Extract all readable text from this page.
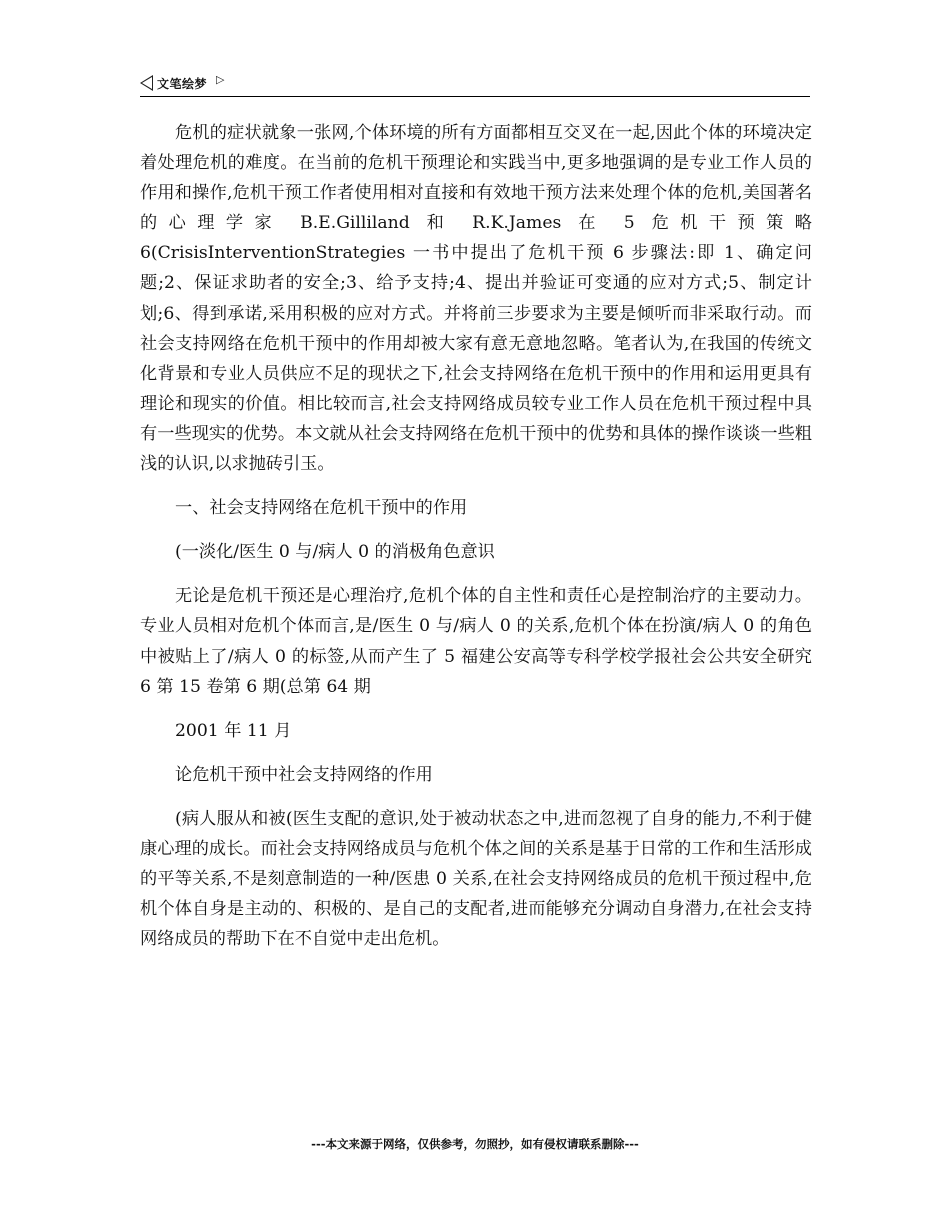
文笔绘梦 ▷

危机的症状就象一张网,个体环境的所有方面都相互交叉在一起,因此个体的环境决定着处理危机的难度。在当前的危机干预理论和实践当中,更多地强调的是专业工作人员的作用和操作,危机干预工作者使用相对直接和有效地干预方法来处理个体的危机,美国著名的心理学家 B.E.Gilliland 和 R.K.James 在 5 危机干预策略 6(CrisisInterventionStrategies 一书中提出了危机干预 6 步骤法:即 1、确定问题;2、保证求助者的安全;3、给予支持;4、提出并验证可变通的应对方式;5、制定计划;6、得到承诺,采用积极的应对方式。并将前三步要求为主要是倾听而非采取行动。而社会支持网络在危机干预中的作用却被大家有意无意地忽略。笔者认为,在我国的传统文化背景和专业人员供应不足的现状之下,社会支持网络在危机干预中的作用和运用更具有理论和现实的价值。相比较而言,社会支持网络成员较专业工作人员在危机干预过程中具有一些现实的优势。本文就从社会支持网络在危机干预中的优势和具体的操作谈谈一些粗浅的认识,以求抛砖引玉。

一、社会支持网络在危机干预中的作用

(一淡化/医生 0 与/病人 0 的消极角色意识

无论是危机干预还是心理治疗,危机个体的自主性和责任心是控制治疗的主要动力。专业人员相对危机个体而言,是/医生 0 与/病人 0 的关系,危机个体在扮演/病人 0 的角色中被贴上了/病人 0 的标签,从而产生了 5 福建公安高等专科学校学报社会公共安全研究 6 第 15 卷第 6 期(总第 64 期

2001 年 11 月

论危机干预中社会支持网络的作用

(病人服从和被(医生支配的意识,处于被动状态之中,进而忽视了自身的能力,不利于健康心理的成长。而社会支持网络成员与危机个体之间的关系是基于日常的工作和生活形成的平等关系,不是刻意制造的一种/医患 0 关系,在社会支持网络成员的危机干预过程中,危机个体自身是主动的、积极的、是自己的支配者,进而能够充分调动自身潜力,在社会支持网络成员的帮助下在不自觉中走出危机。

---本文来源于网络，仅供参考，勿照抄，如有侵权请联系删除---
